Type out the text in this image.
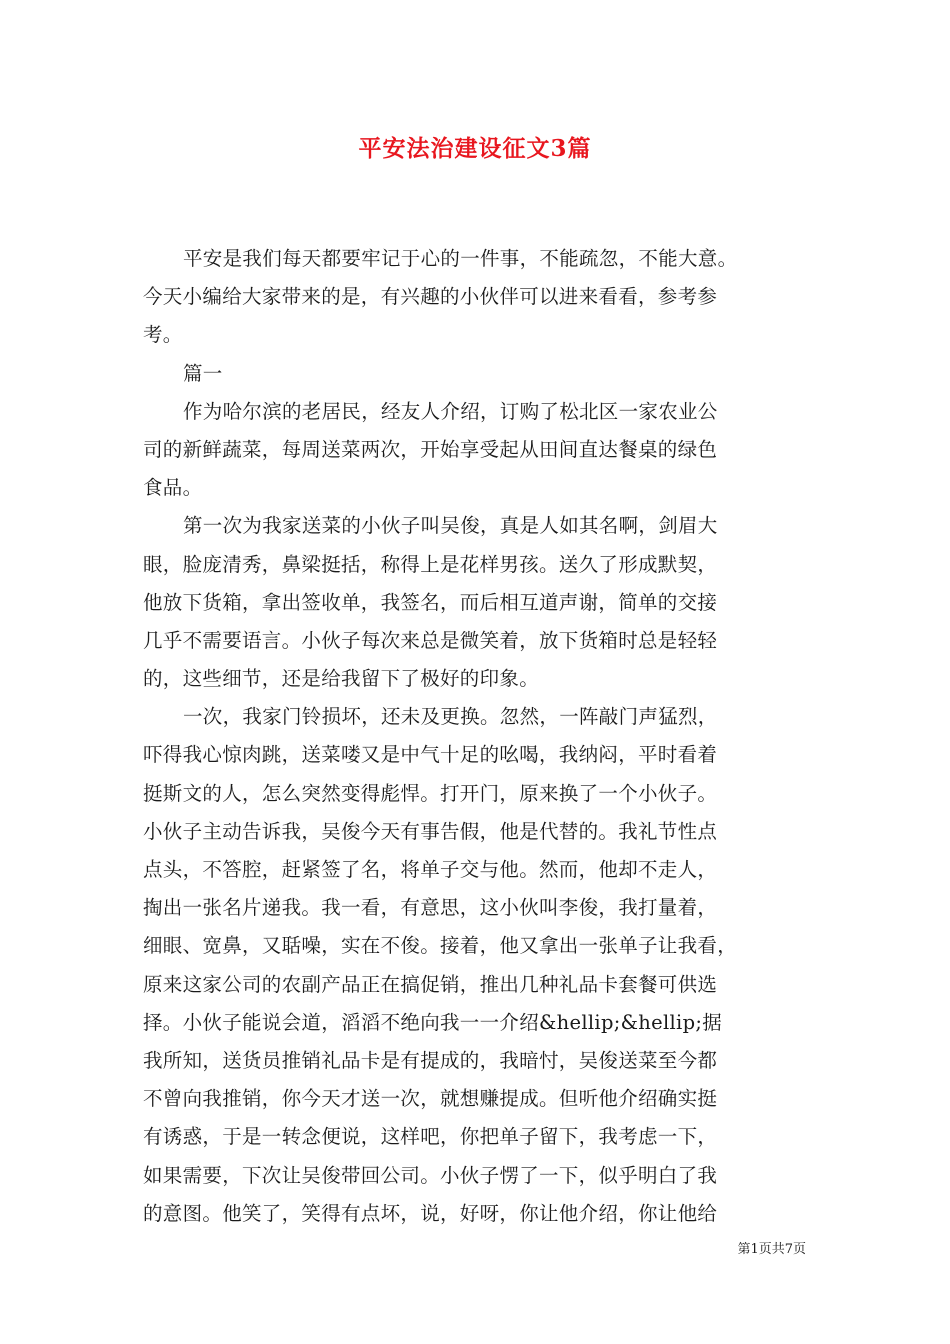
平安法治建设征文3篇
平安是我们每天都要牢记于心的一件事，不能疏忽，不能大意。
今天小编给大家带来的是，有兴趣的小伙伴可以进来看看，参考参
考。
篇一
作为哈尔滨的老居民，经友人介绍，订购了松北区一家农业公
司的新鲜蔬菜，每周送菜两次，开始享受起从田间直达餐桌的绿色
食品。
第一次为我家送菜的小伙子叫吴俊，真是人如其名啊，剑眉大
眼，脸庞清秀，鼻梁挺括，称得上是花样男孩。送久了形成默契，
他放下货箱，拿出签收单，我签名，而后相互道声谢，简单的交接
几乎不需要语言。小伙子每次来总是微笑着，放下货箱时总是轻轻
的，这些细节，还是给我留下了极好的印象。
一次，我家门铃损坏，还未及更换。忽然，一阵敲门声猛烈，
吓得我心惊肉跳，送菜喽又是中气十足的吆喝，我纳闷，平时看着
挺斯文的人，怎么突然变得彪悍。打开门，原来换了一个小伙子。
小伙子主动告诉我，吴俊今天有事告假，他是代替的。我礼节性点
点头，不答腔，赶紧签了名，将单子交与他。然而，他却不走人，
掏出一张名片递我。我一看，有意思，这小伙叫李俊，我打量着，
细眼、宽鼻，又聒噪，实在不俊。接着，他又拿出一张单子让我看，
原来这家公司的农副产品正在搞促销，推出几种礼品卡套餐可供选
择。小伙子能说会道，滔滔不绝向我一一介绍&hellip;&hellip;据
我所知，送货员推销礼品卡是有提成的，我暗忖，吴俊送菜至今都
不曾向我推销，你今天才送一次，就想赚提成。但听他介绍确实挺
有诱惑，于是一转念便说，这样吧，你把单子留下，我考虑一下，
如果需要，下次让吴俊带回公司。小伙子愣了一下，似乎明白了我
的意图。他笑了，笑得有点坏，说，好呀，你让他介绍，你让他给
第1页共7页
